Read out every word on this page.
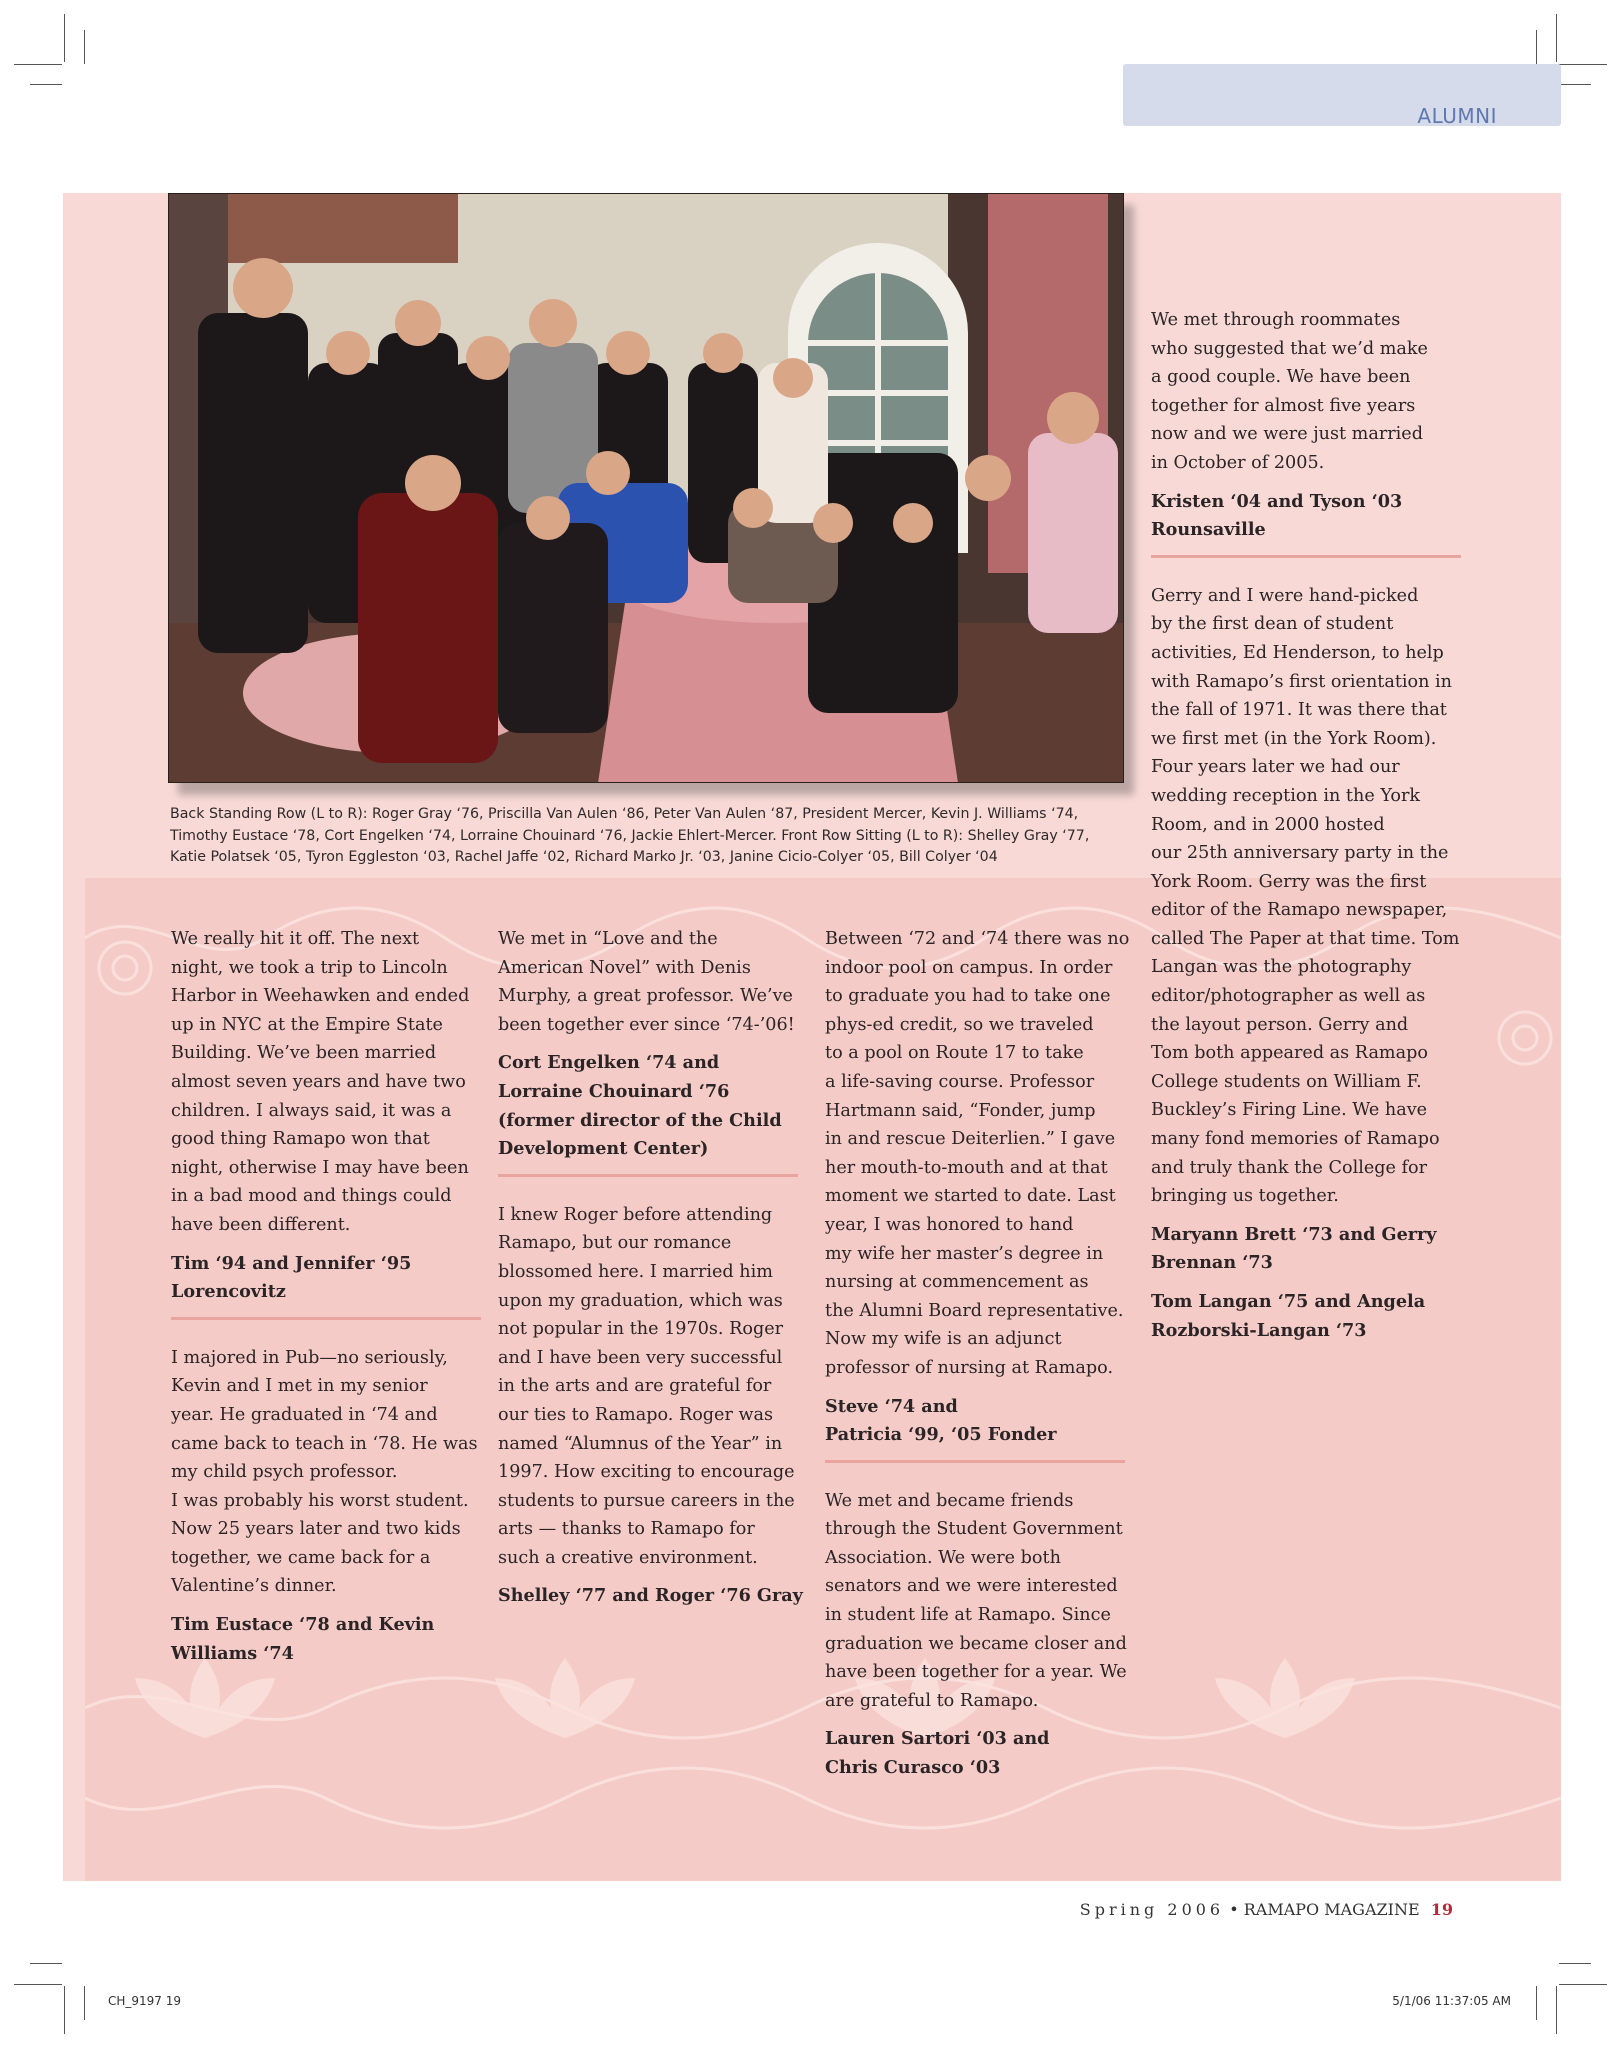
ALUMNI

Back Standing Row (L to R): Roger Gray ‘76, Priscilla Van Aulen ‘86, Peter Van Aulen ‘87, President Mercer, Kevin J. Williams ‘74,

Timothy Eustace ‘78, Cort Engelken ‘74, Lorraine Chouinard ‘76, Jackie Ehlert-Mercer. Front Row Sitting (L to R): Shelley Gray ‘77,

Katie Polatsek ‘05, Tyron Eggleston ‘03, Rachel Jaffe ‘02, Richard Marko Jr. ‘03, Janine Cicio-Colyer ‘05, Bill Colyer ‘04

We really hit it off. The next
night, we took a trip to Lincoln
Harbor in Weehawken and ended
up in NYC at the Empire State
Building. We’ve been married
almost seven years and have two
children. I always said, it was a
good thing Ramapo won that
night, otherwise I may have been
in a bad mood and things could
have been different.

Tim ‘94 and Jennifer ‘95
Lorencovitz

I majored in Pub—no seriously,
Kevin and I met in my senior
year. He graduated in ‘74 and
came back to teach in ‘78. He was
my child psych professor.
I was probably his worst student.
Now 25 years later and two kids
together, we came back for a
Valentine’s dinner.

Tim Eustace ‘78 and Kevin
Williams ‘74

We met in “Love and the
American Novel” with Denis
Murphy, a great professor. We’ve
been together ever since ‘74-’06!

Cort Engelken ‘74 and
Lorraine Chouinard ‘76
(former director of the Child
Development Center)

I knew Roger before attending
Ramapo, but our romance
blossomed here. I married him
upon my graduation, which was
not popular in the 1970s. Roger
and I have been very successful
in the arts and are grateful for
our ties to Ramapo. Roger was
named “Alumnus of the Year” in
1997. How exciting to encourage
students to pursue careers in the
arts — thanks to Ramapo for
such a creative environment.

Shelley ‘77 and Roger ‘76 Gray

Between ‘72 and ‘74 there was no
indoor pool on campus. In order
to graduate you had to take one
phys-ed credit, so we traveled
to a pool on Route 17 to take
a life-saving course. Professor
Hartmann said, “Fonder, jump
in and rescue Deiterlien.” I gave
her mouth-to-mouth and at that
moment we started to date. Last
year, I was honored to hand
my wife her master’s degree in
nursing at commencement as
the Alumni Board representative.
Now my wife is an adjunct
professor of nursing at Ramapo.

Steve ‘74 and
Patricia ‘99, ‘05 Fonder

We met and became friends
through the Student Government
Association. We were both
senators and we were interested
in student life at Ramapo. Since
graduation we became closer and
have been together for a year. We
are grateful to Ramapo.

Lauren Sartori ‘03 and
Chris Curasco ‘03

We met through roommates
who suggested that we’d make
a good couple. We have been
together for almost five years
now and we were just married
in October of 2005.

Kristen ‘04 and Tyson ‘03
Rounsaville

Gerry and I were hand-picked
by the first dean of student
activities, Ed Henderson, to help
with Ramapo’s first orientation in
the fall of 1971. It was there that
we first met (in the York Room).
Four years later we had our
wedding reception in the York
Room, and in 2000 hosted
our 25th anniversary party in the
York Room. Gerry was the first
editor of the Ramapo newspaper,
called The Paper at that time. Tom
Langan was the photography
editor/photographer as well as
the layout person. Gerry and
Tom both appeared as Ramapo
College students on William F.
Buckley’s Firing Line. We have
many fond memories of Ramapo
and truly thank the College for
bringing us together.

Maryann Brett ‘73 and Gerry
Brennan ‘73

Tom Langan ‘75 and Angela
Rozborski-Langan ‘73

Spring 2006 • RAMAPO MAGAZINE 19
CH_9197 19	5/1/06 11:37:05 AM
